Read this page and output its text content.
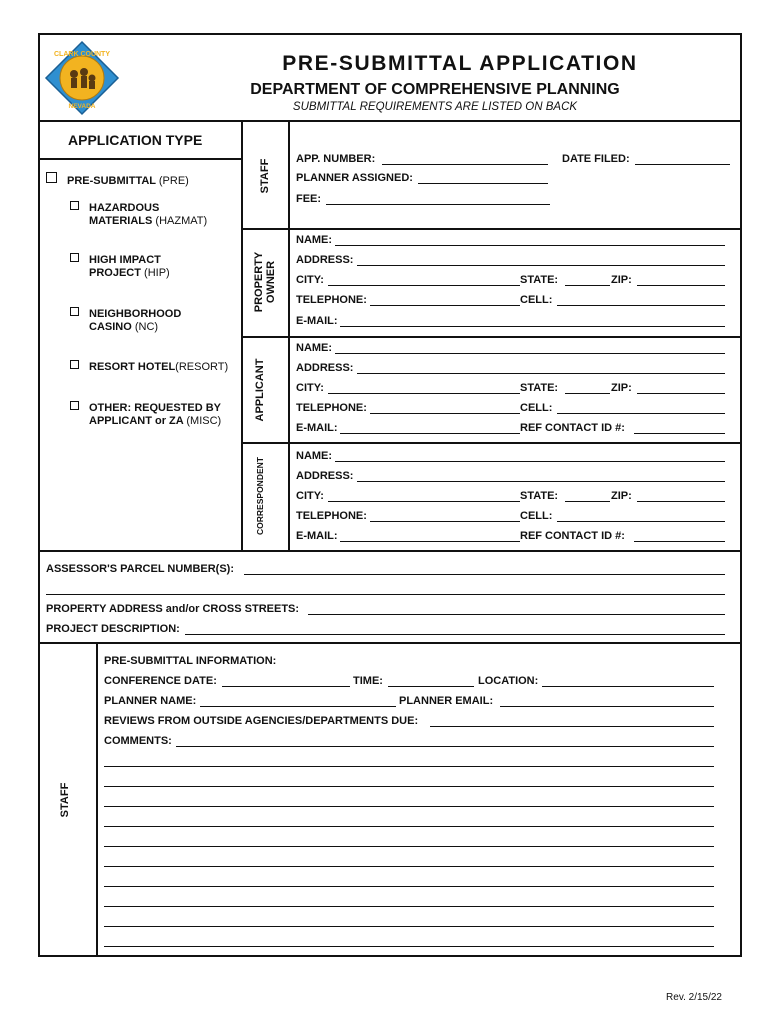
CLARK COUNTY
NEVADA
PRE-SUBMITTAL APPLICATION
DEPARTMENT OF COMPREHENSIVE PLANNING
SUBMITTAL REQUIREMENTS ARE LISTED ON BACK
APPLICATION TYPE
PRE-SUBMITTAL (PRE)
HAZARDOUS
MATERIALS (HAZMAT)
HIGH IMPACT
PROJECT (HIP)
NEIGHBORHOOD
CASINO (NC)
RESORT HOTEL(RESORT)
OTHER: REQUESTED BY
APPLICANT or ZA (MISC)
STAFF
PROPERTY
OWNER
APPLICANT
CORRESPONDENT
STAFF
APP. NUMBER:	DATE FILED:
PLANNER ASSIGNED:
FEE:
NAME:
ADDRESS:
CITY:	STATE:	ZIP:
TELEPHONE:	CELL:
E-MAIL:
NAME:
ADDRESS:
CITY:	STATE:	ZIP:
TELEPHONE:	CELL:
E-MAIL:	REF CONTACT ID #:
NAME:
ADDRESS:
CITY:	STATE:	ZIP:
TELEPHONE:	CELL:
E-MAIL:	REF CONTACT ID #:
ASSESSOR'S PARCEL NUMBER(S):
PROPERTY ADDRESS and/or CROSS STREETS:
PROJECT DESCRIPTION:
PRE-SUBMITTAL INFORMATION:
CONFERENCE DATE:	TIME:	LOCATION:
PLANNER NAME:	PLANNER EMAIL:
REVIEWS FROM OUTSIDE AGENCIES/DEPARTMENTS DUE:
COMMENTS:
Rev. 2/15/22
